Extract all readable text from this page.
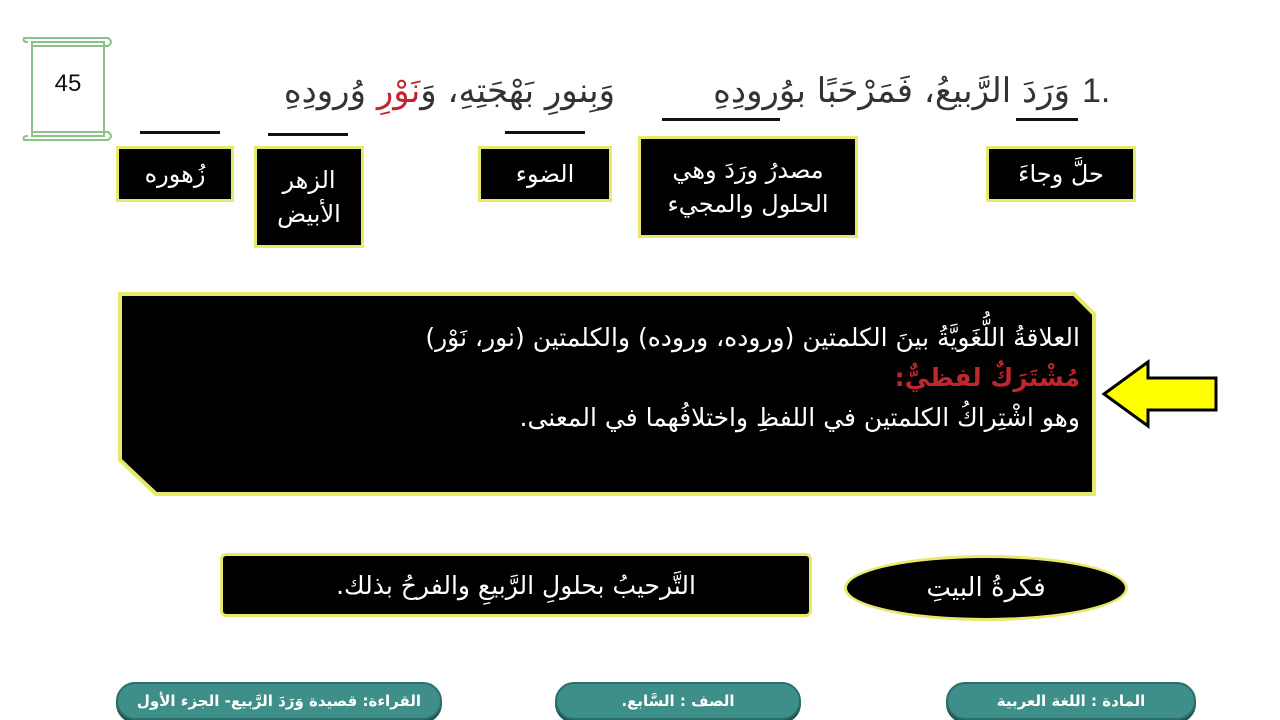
45	وَبِنورِ بَهْجَتِهِ، وَنَوْرِ وُرودِهِ	وَرَدَ الرَّبيعُ، فَمَرْحَبًا بوُرودِهِ 1.
زُهوره	الزهر الأبيض
الضوء	مصدرُ ورَدَ وهي الحلول والمجيء
حلَّ وجاءَ
العلاقةُ اللُّغَويَّةُ بينَ الكلمتين (وروده، وروده) والكلمتين (نور، نَوْر)
مُشْتَرَكٌ لفظيٌّ:
وهو اشْتِراكُ الكلمتين في اللفظِ واختلافُهما في المعنى.
التَّرحيبُ بحلولِ الرَّبيعِ والفرحُ بذلك.	فكرةُ البيتِ
القراءة: قصيدة وَرَدَ الرَّبيع- الجزء الأول	الصف : السَّابع.	المادة : اللغة العربية
